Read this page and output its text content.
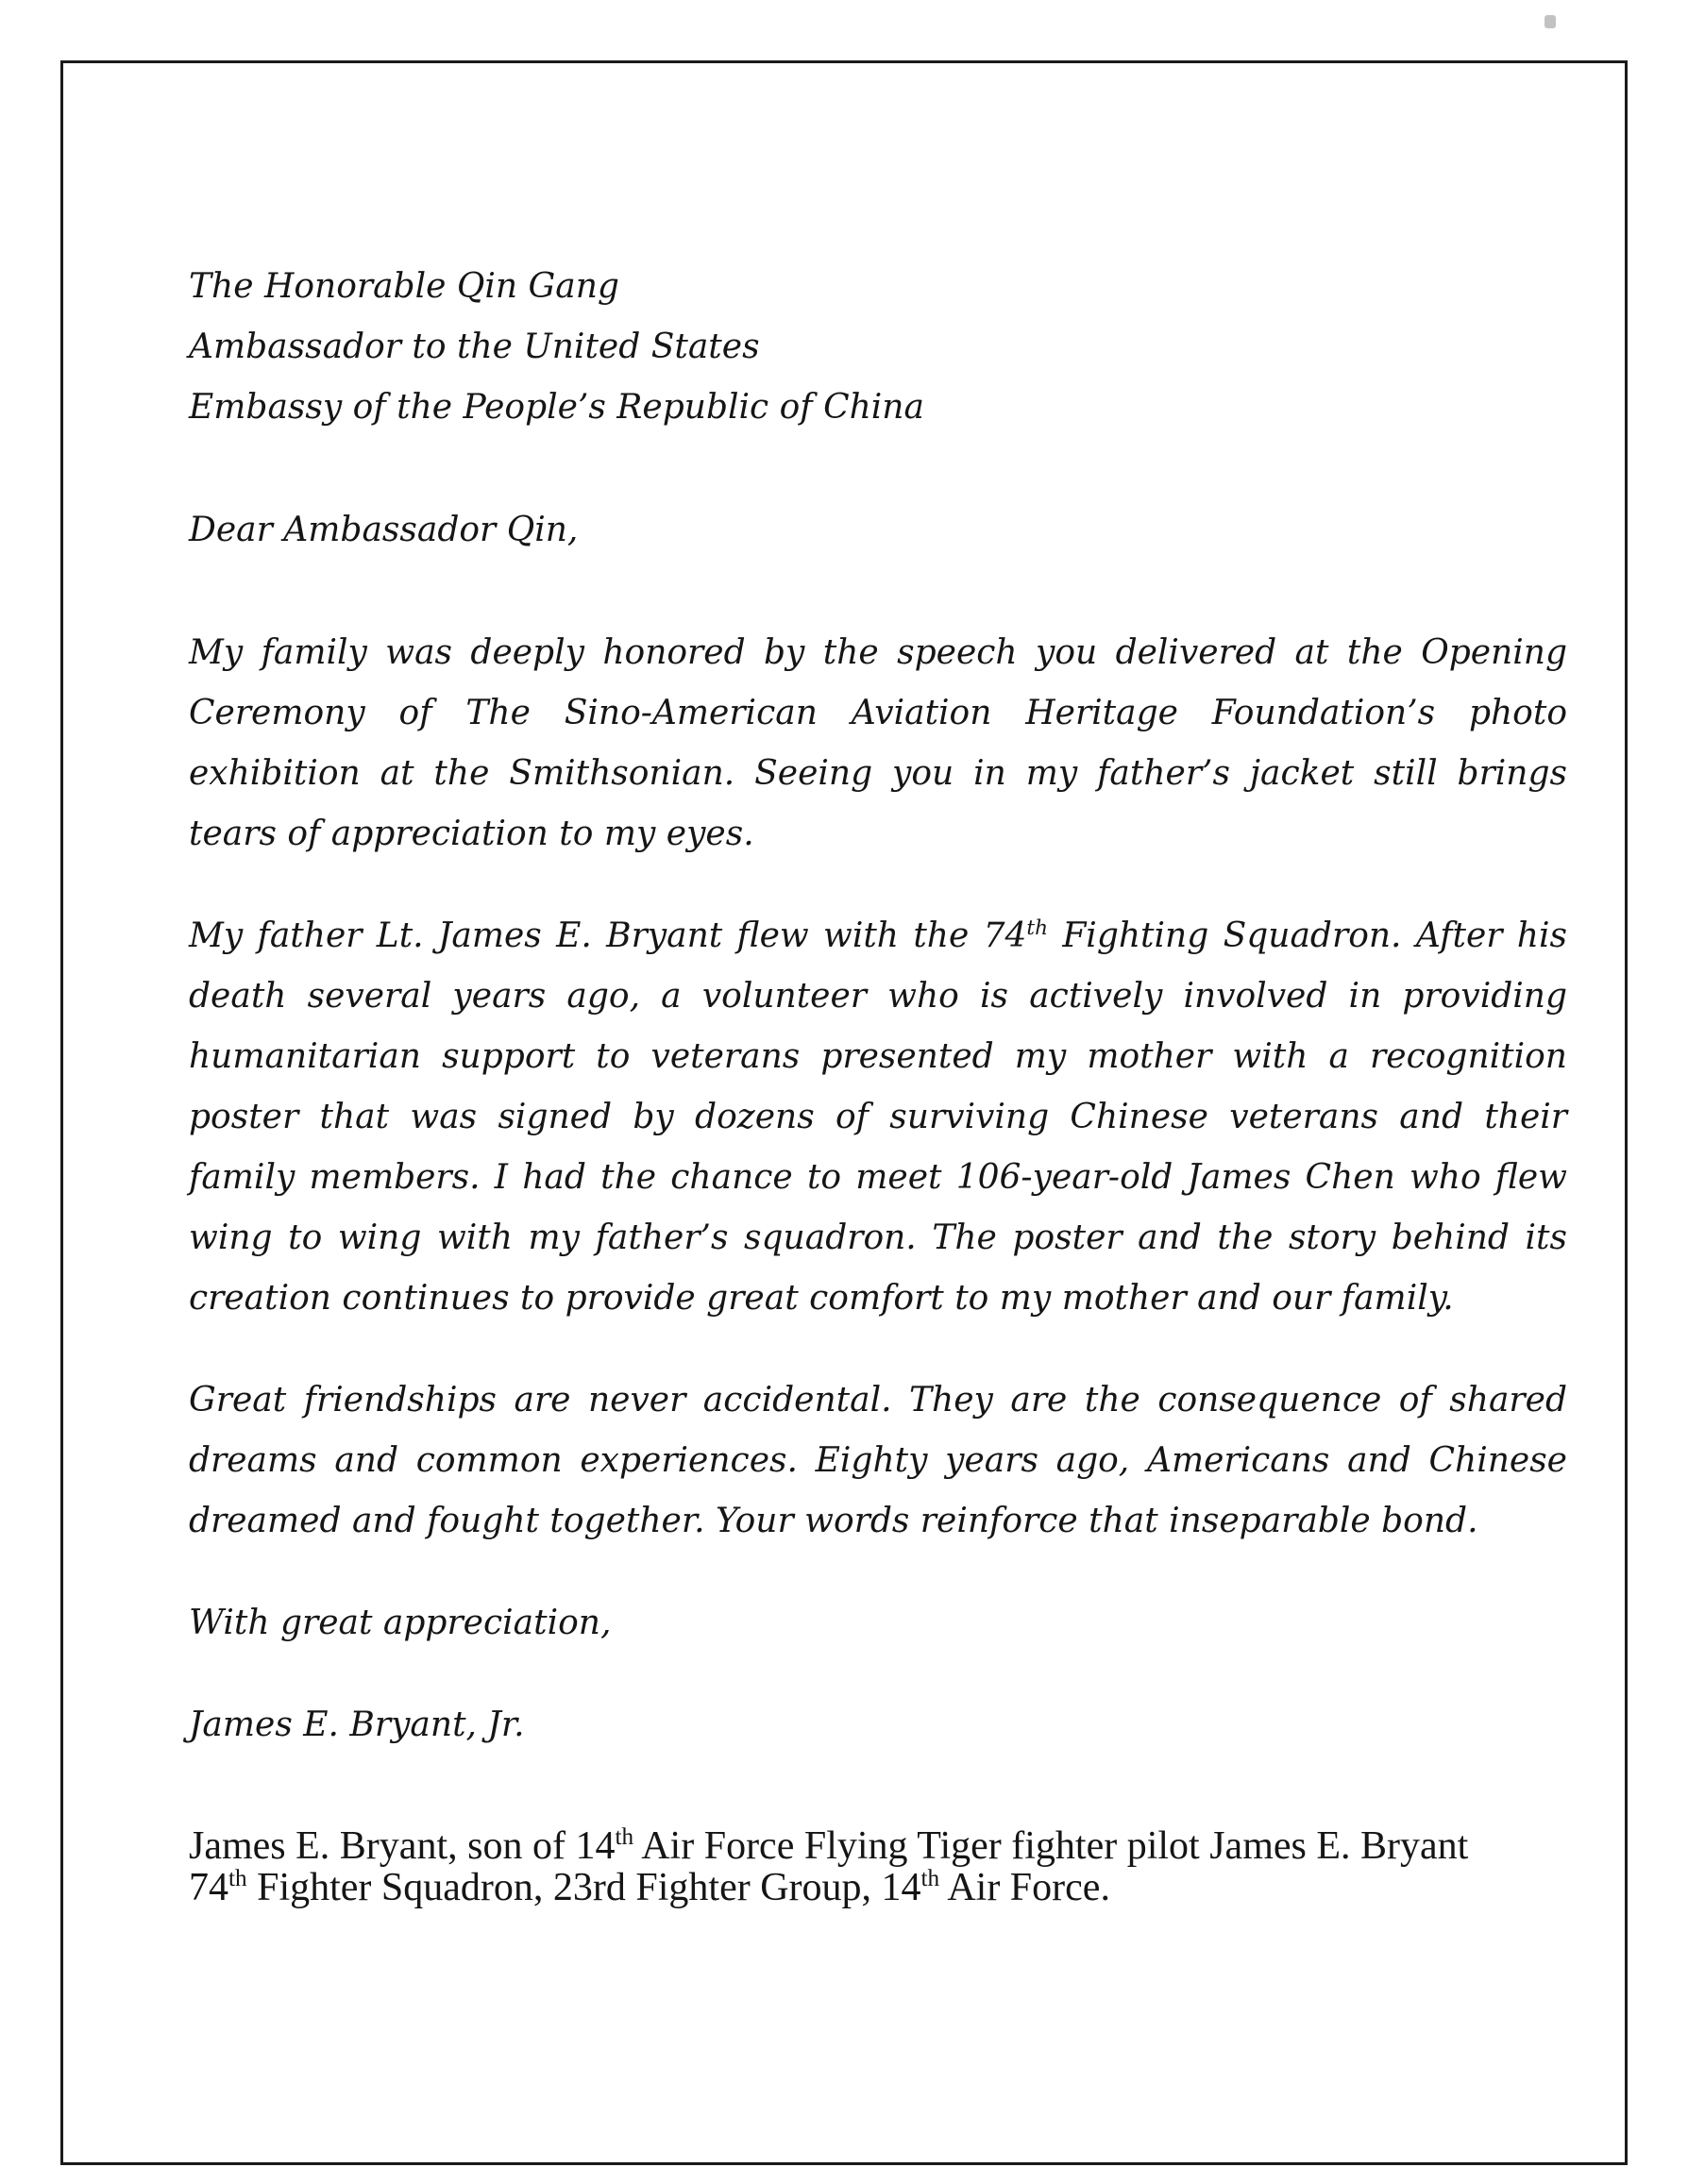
The Honorable Qin Gang

Ambassador to the United States

Embassy of the People’s Republic of China

Dear Ambassador Qin,

My family was deeply honored by the speech you delivered at the Opening Ceremony of The Sino-American Aviation Heritage Foundation’s photo exhibition at the Smithsonian. Seeing you in my father’s jacket still brings tears of appreciation to my eyes.

My father Lt. James E. Bryant flew with the 74th Fighting Squadron. After his death several years ago, a volunteer who is actively involved in providing humanitarian support to veterans presented my mother with a recognition poster that was signed by dozens of surviving Chinese veterans and their family members. I had the chance to meet 106-year-old James Chen who flew wing to wing with my father’s squadron. The poster and the story behind its creation continues to provide great comfort to my mother and our family.

Great friendships are never accidental. They are the consequence of shared dreams and common experiences. Eighty years ago, Americans and Chinese dreamed and fought together. Your words reinforce that inseparable bond.

With great appreciation,

James E. Bryant, Jr.

James E. Bryant, son of 14th Air Force Flying Tiger fighter pilot James E. Bryant 74th Fighter Squadron, 23rd Fighter Group, 14th Air Force.
